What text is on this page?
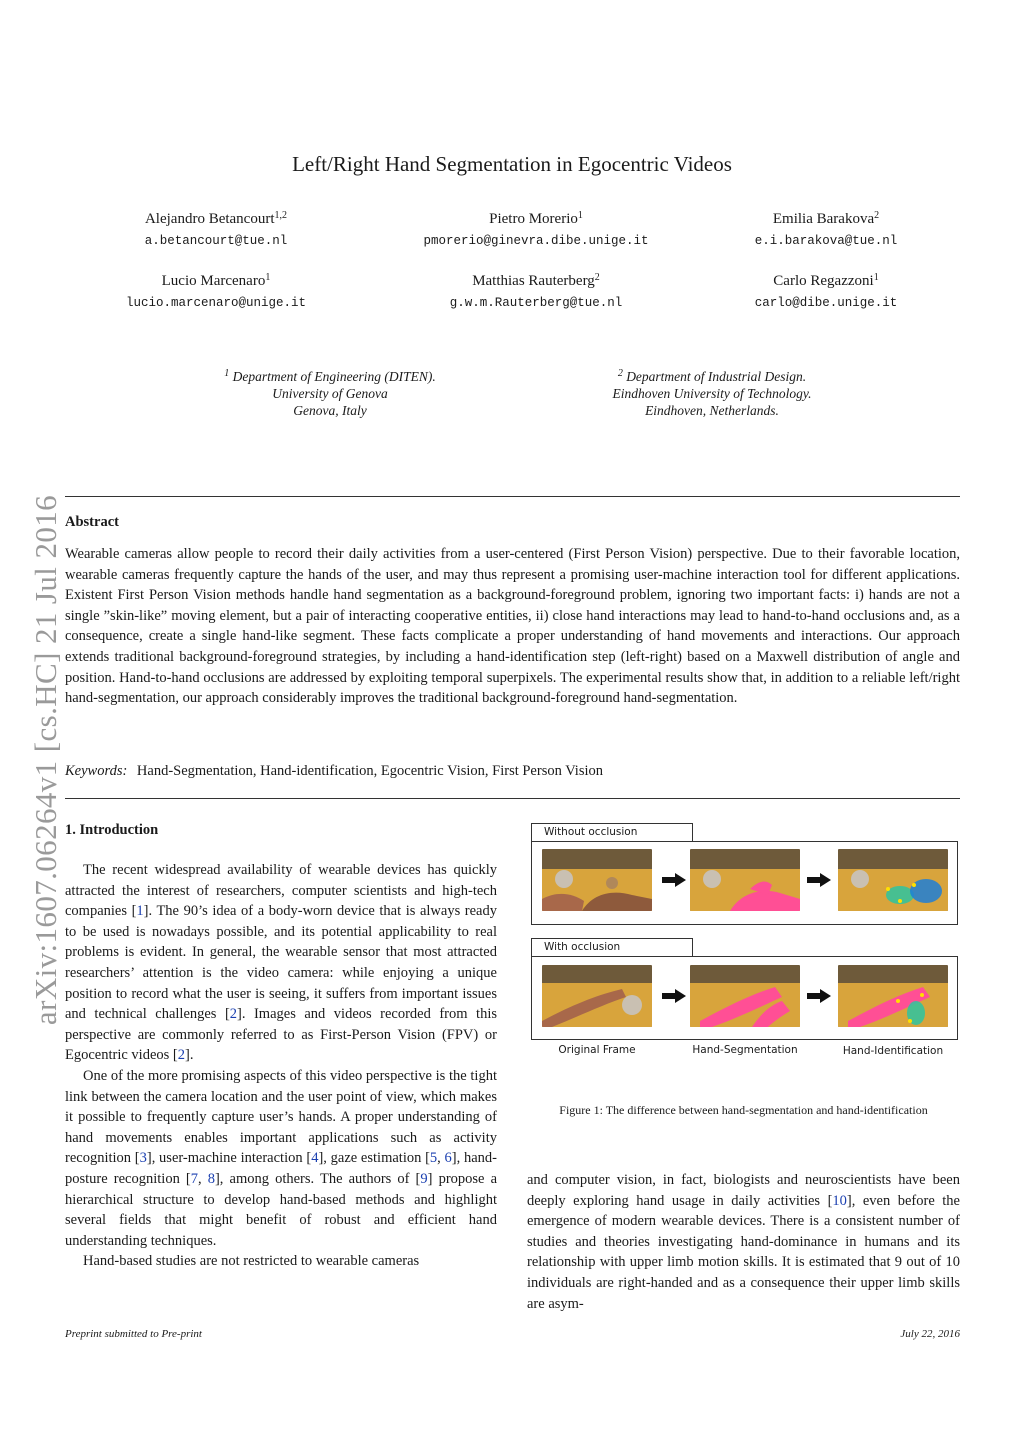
Left/Right Hand Segmentation in Egocentric Videos
Alejandro Betancourt$^{1,2}$
a.betancourt@tue.nl
Pietro Morerio$^1$
pmorerio@ginevra.dibe.unige.it
Emilia Barakova$^2$
e.i.barakova@tue.nl
Lucio Marcenaro$^1$
lucio.marcenaro@unige.it
Matthias Rauterberg$^2$
g.w.m.Rauterberg@tue.nl
Carlo Regazzoni$^1$
carlo@dibe.unige.it
$^1$ Department of Engineering (DITEN).
University of Genova
Genova, Italy
$^2$ Department of Industrial Design.
Eindhoven University of Technology.
Eindhoven, Netherlands.
arXiv:1607.06264v1 [cs.HC] 21 Jul 2016 Abstract
Wearable cameras allow people to record their daily activities from a user-centered (First Person Vision) perspective. Due to their favorable location, wearable cameras frequently capture the hands of the user, and may thus represent a promising user-machine interaction tool for different applications. Existent First Person Vision methods handle hand segmentation as a background-foreground problem, ignoring two important facts: i) hands are not a single ”skin-like” moving element, but a pair of interacting cooperative entities, ii) close hand interactions may lead to hand-to-hand occlusions and, as a consequence, create a single hand-like segment. These facts complicate a proper understanding of hand movements and interactions. Our approach extends traditional background-foreground strategies, by including a hand-identification step (left-right) based on a Maxwell distribution of angle and position. Hand-to-hand occlusions are addressed by exploiting temporal superpixels. The experimental results show that, in addition to a reliable left/right hand-segmentation, our approach considerably improves the traditional background-foreground hand-segmentation.
Keywords: Hand-Segmentation, Hand-identification, Egocentric Vision, First Person Vision
1. Introduction

The recent widespread availability of wearable devices has quickly attracted the interest of researchers, computer scientists and high-tech companies [1]. The 90’s idea of a body-worn device that is always ready to be used is nowadays possible, and its potential applicability to real problems is evident. In general, the wearable sensor that most attracted researchers’ attention is the video camera: while enjoying a unique position to record what the user is seeing, it suffers from important issues and technical challenges [2]. Images and videos recorded from this perspective are commonly referred to as First-Person Vision (FPV) or Egocentric videos [2].

One of the more promising aspects of this video perspective is the tight link between the camera location and the user point of view, which makes it possible to frequently capture user’s hands. A proper understanding of hand movements enables important applications such as activity recognition [3], user-machine interaction [4], gaze estimation [5, 6], hand-posture recognition [7, 8], among others. The authors of [9] propose a hierarchical structure to develop hand-based methods and highlight several fields that might benefit of robust and efficient hand understanding techniques.

Hand-based studies are not restricted to wearable cameras

Without occlusion
With occlusion
Original Frame	Hand-Segmentation	Hand-Identification
Figure 1: The difference between hand-segmentation and hand-identification

and computer vision, in fact, biologists and neuroscientists have been deeply exploring hand usage in daily activities [10], even before the emergence of modern wearable devices. There is a consistent number of studies and theories investigating hand-dominance in humans and its relationship with upper limb motion skills. It is estimated that 9 out of 10 individuals are right-handed and as a consequence their upper limb skills are asym-

Preprint submitted to Pre-print	July 22, 2016
